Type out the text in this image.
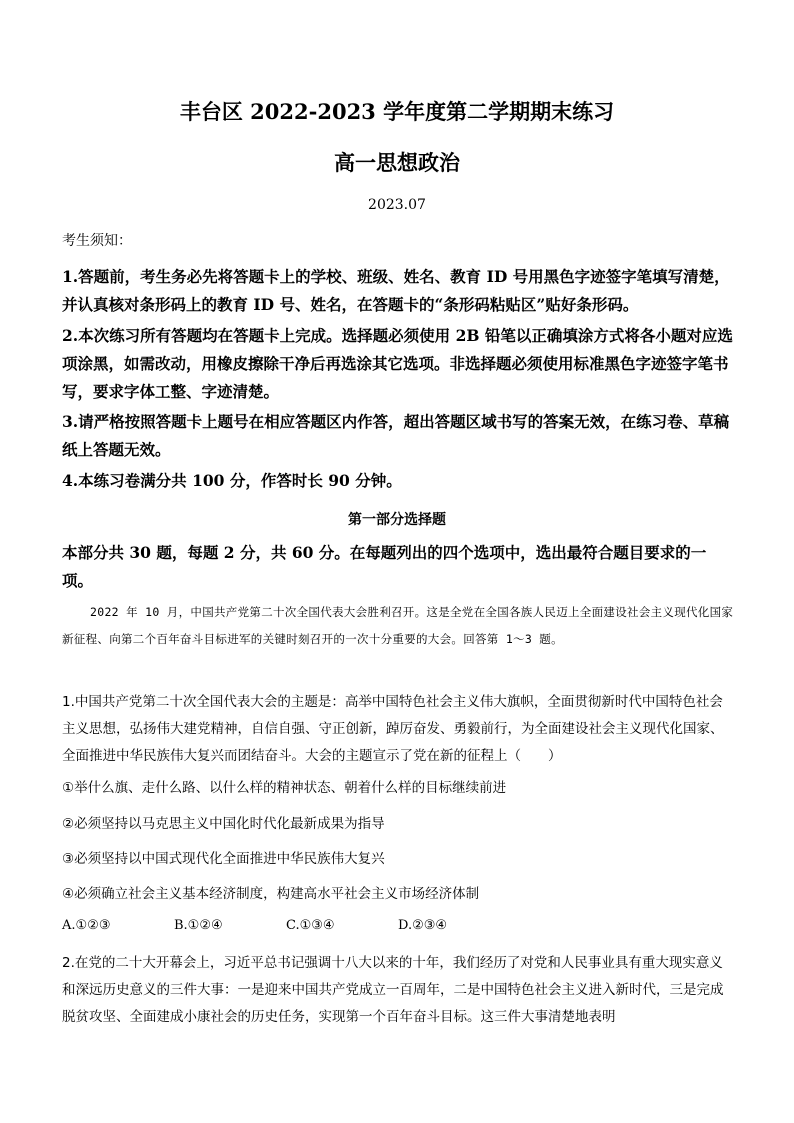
丰台区 2022-2023 学年度第二学期期末练习
高一思想政治
2023.07
考生须知：
1.答题前，考生务必先将答题卡上的学校、班级、姓名、教育 ID 号用黑色字迹签字笔填写清楚，并认真核对条形码上的教育 ID 号、姓名，在答题卡的“条形码粘贴区”贴好条形码。
2.本次练习所有答题均在答题卡上完成。选择题必须使用 2B 铅笔以正确填涂方式将各小题对应选项涂黑，如需改动，用橡皮擦除干净后再选涂其它选项。非选择题必须使用标准黑色字迹签字笔书写，要求字体工整、字迹清楚。
3.请严格按照答题卡上题号在相应答题区内作答，超出答题区域书写的答案无效，在练习卷、草稿纸上答题无效。
4.本练习卷满分共 100 分，作答时长 90 分钟。
第一部分选择题
本部分共 30 题，每题 2 分，共 60 分。在每题列出的四个选项中，选出最符合题目要求的一项。
2022 年 10 月，中国共产党第二十次全国代表大会胜利召开。这是全党在全国各族人民迈上全面建设社会主义现代化国家新征程、向第二个百年奋斗目标进军的关键时刻召开的一次十分重要的大会。回答第 1～3 题。
1.中国共产党第二十次全国代表大会的主题是：高举中国特色社会主义伟大旗帜，全面贯彻新时代中国特色社会主义思想，弘扬伟大建党精神，自信自强、守正创新，踔厉奋发、勇毅前行，为全面建设社会主义现代化国家、全面推进中华民族伟大复兴而团结奋斗。大会的主题宣示了党在新的征程上（　　）
①举什么旗、走什么路、以什么样的精神状态、朝着什么样的目标继续前进
②必须坚持以马克思主义中国化时代化最新成果为指导
③必须坚持以中国式现代化全面推进中华民族伟大复兴
④必须确立社会主义基本经济制度，构建高水平社会主义市场经济体制
A.①②③	B.①②④	C.①③④	D.②③④
2.在党的二十大开幕会上，习近平总书记强调十八大以来的十年，我们经历了对党和人民事业具有重大现实意义和深远历史意义的三件大事：一是迎来中国共产党成立一百周年，二是中国特色社会主义进入新时代，三是完成脱贫攻坚、全面建成小康社会的历史任务，实现第一个百年奋斗目标。这三件大事清楚地表明
